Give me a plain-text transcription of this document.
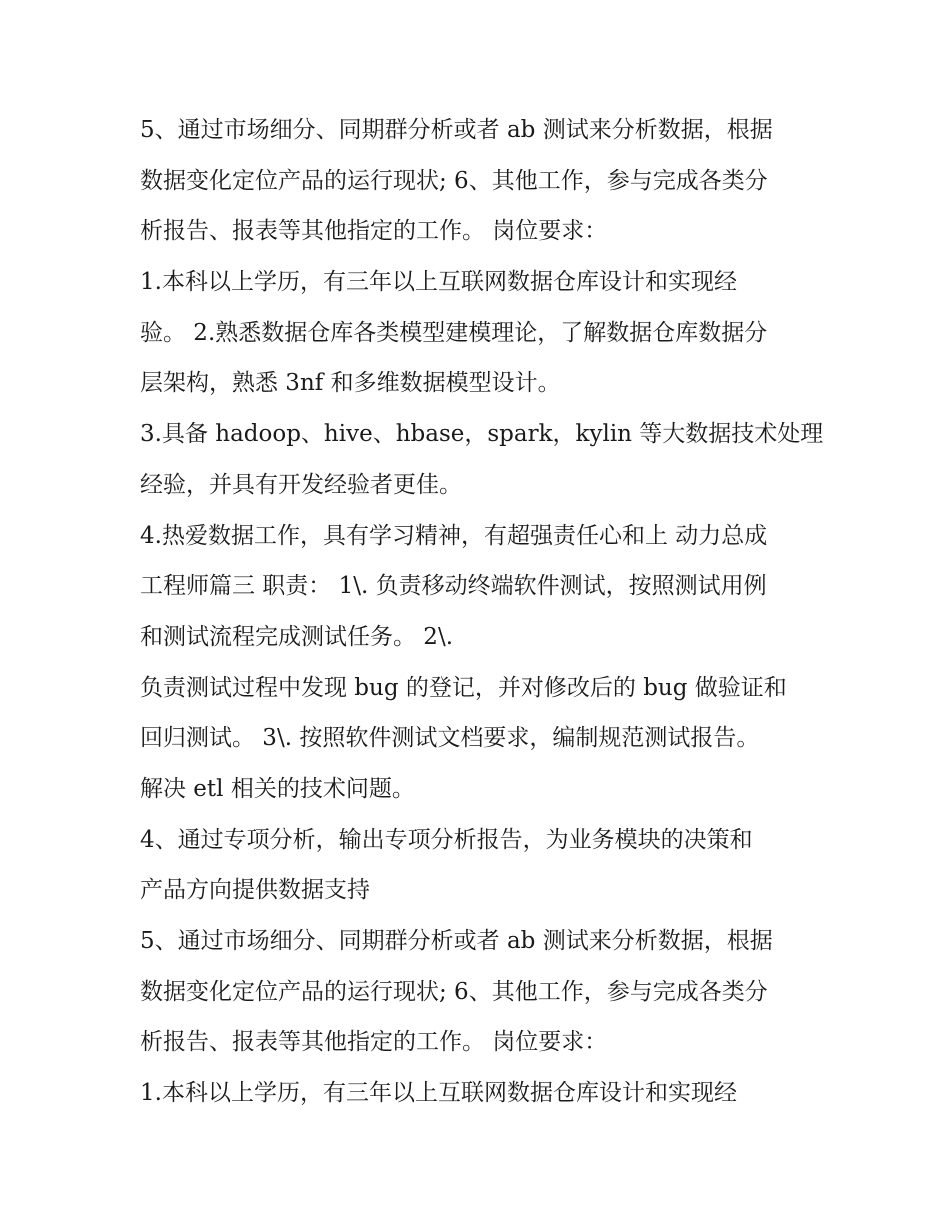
5、通过市场细分、同期群分析或者 ab 测试来分析数据，根据
数据变化定位产品的运行现状; 6、其他工作，参与完成各类分
析报告、报表等其他指定的工作。 岗位要求：
1.本科以上学历，有三年以上互联网数据仓库设计和实现经
验。 2.熟悉数据仓库各类模型建模理论，了解数据仓库数据分
层架构，熟悉 3nf 和多维数据模型设计。
3.具备 hadoop、hive、hbase，spark，kylin 等大数据技术处理
经验，并具有开发经验者更佳。
4.热爱数据工作，具有学习精神，有超强责任心和上 动力总成
工程师篇三 职责： 1\. 负责移动终端软件测试，按照测试用例
和测试流程完成测试任务。 2\.
负责测试过程中发现 bug 的登记，并对修改后的 bug 做验证和
回归测试。 3\. 按照软件测试文档要求，编制规范测试报告。
解决 etl 相关的技术问题。
4、通过专项分析，输出专项分析报告，为业务模块的决策和
产品方向提供数据支持
5、通过市场细分、同期群分析或者 ab 测试来分析数据，根据
数据变化定位产品的运行现状; 6、其他工作，参与完成各类分
析报告、报表等其他指定的工作。 岗位要求：
1.本科以上学历，有三年以上互联网数据仓库设计和实现经
